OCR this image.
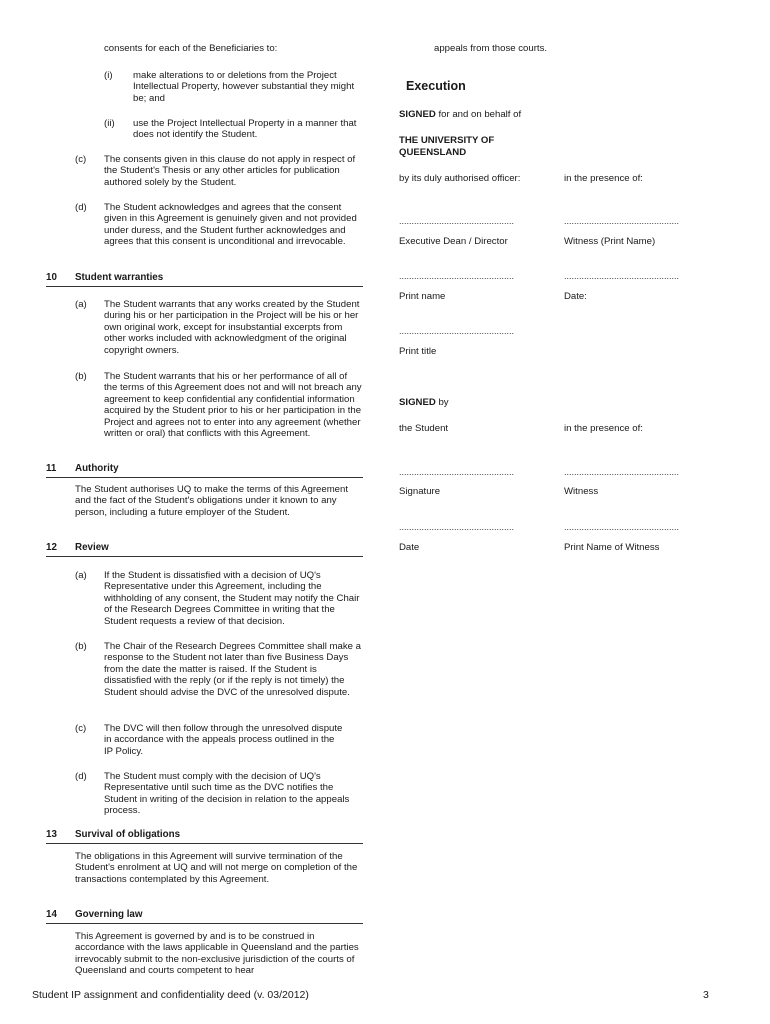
consents for each of the Beneficiaries to:

(i) make alterations to or deletions from the Project Intellectual Property, however substantial they might be; and

(ii) use the Project Intellectual Property in a manner that does not identify the Student.

(c) The consents given in this clause do not apply in respect of the Student's Thesis or any other articles for publication authored solely by the Student.

(d) The Student acknowledges and agrees that the consent given in this Agreement is genuinely given and not provided under duress, and the Student further acknowledges and agrees that this consent is unconditional and irrevocable.

10 Student warranties
(a) The Student warrants that any works created by the Student during his or her participation in the Project will be his or her own original work, except for insubstantial excerpts from other works included with acknowledgment of the original copyright owners.

(b) The Student warrants that his or her performance of all of the terms of this Agreement does not and will not breach any agreement to keep confidential any confidential information acquired by the Student prior to his or her participation in the Project and agrees not to enter into any agreement (whether written or oral) that conflicts with this Agreement.

11 Authority

The Student authorises UQ to make the terms of this Agreement and the fact of the Student's obligations under it known to any person, including a future employer of the Student.

12 Review
(a) If the Student is dissatisfied with a decision of UQ's Representative under this Agreement, including the withholding of any consent, the Student may notify the Chair of the Research Degrees Committee in writing that the Student requests a review of that decision.

(b) The Chair of the Research Degrees Committee shall make a response to the Student not later than five Business Days from the date the matter is raised. If the Student is dissatisfied with the reply (or if the reply is not timely) the Student should advise the DVC of the unresolved dispute.

(c) The DVC will then follow through the unresolved dispute in accordance with the appeals process outlined in the IP Policy.

(d) The Student must comply with the decision of UQ's Representative until such time as the DVC notifies the Student in writing of the decision in relation to the appeals process.

13 Survival of obligations

The obligations in this Agreement will survive termination of the Student's enrolment at UQ and will not merge on completion of the transactions contemplated by this Agreement.

14 Governing law

This Agreement is governed by and is to be construed in accordance with the laws applicable in Queensland and the parties irrevocably submit to the non-exclusive jurisdiction of the courts of Queensland and courts competent to hear

appeals from those courts.
Execution
SIGNED for and on behalf of
THE UNIVERSITY OF
QUEENSLAND
by its duly authorised officer:	in the presence of:
..............................................	..............................................
Executive Dean / Director	Witness (Print Name)
..............................................	..............................................
Print name	Date:
..............................................
Print title
SIGNED by
the Student	in the presence of:
..............................................	..............................................
Signature	Witness
..............................................	..............................................
Date	Print Name of Witness
Student IP assignment and confidentiality deed (v. 03/2012)	3
